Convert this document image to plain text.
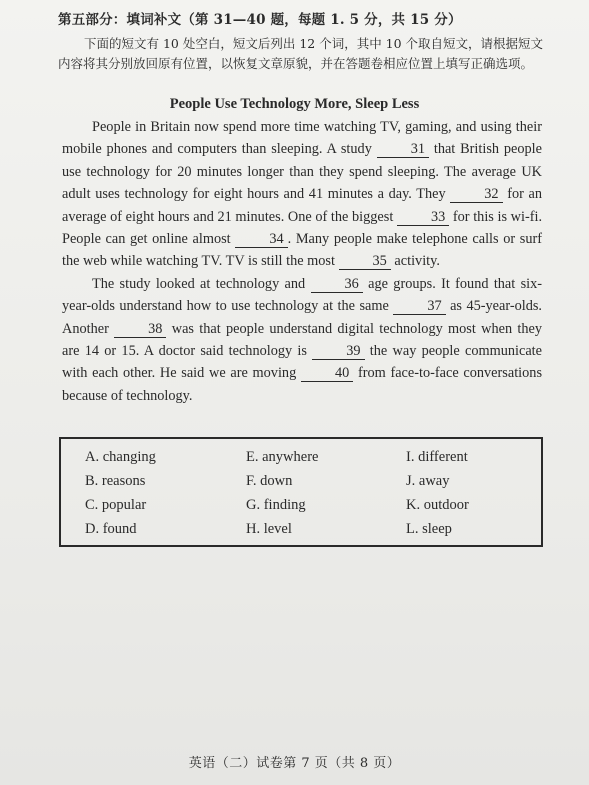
第五部分：填词补文（第 31—40 题，每题 1. 5 分，共 15 分）

下面的短文有 10 处空白，短文后列出 12 个词，其中 10 个取自短文，请根据短文

内容将其分别放回原有位置，以恢复文章原貌，并在答题卷相应位置上填写正确选项。

People Use Technology More, Sleep Less

People in Britain now spend more time watching TV, gaming, and using their mobile phones and computers than sleeping. A study	31 that British people use technology for 20 minutes longer than they spend sleeping. The average UK adult uses technology for eight hours and 41 minutes a day. They	32 for an average of eight hours and 21 minutes. One of the biggest	33 for this is wi-fi. People can get online almost	34 . Many people make telephone calls or surf the web while watching TV. TV is still the most	35 activity.

The study looked at technology and	36 age groups. It found that six-year-olds understand how to use technology at the same	37 as 45-year-olds. Another	38 was that people understand digital technology most when they are 14 or 15. A doctor said technology is	39 the way people communicate with each other. He said we are moving	40 from face-to-face conversations because of technology.

A. changing	E. anywhere	I. different
B. reasons	F. down	J. away
C. popular	G. finding	K. outdoor
D. found	H. level	L. sleep
英语（二）试卷第 7 页（共 8 页）
